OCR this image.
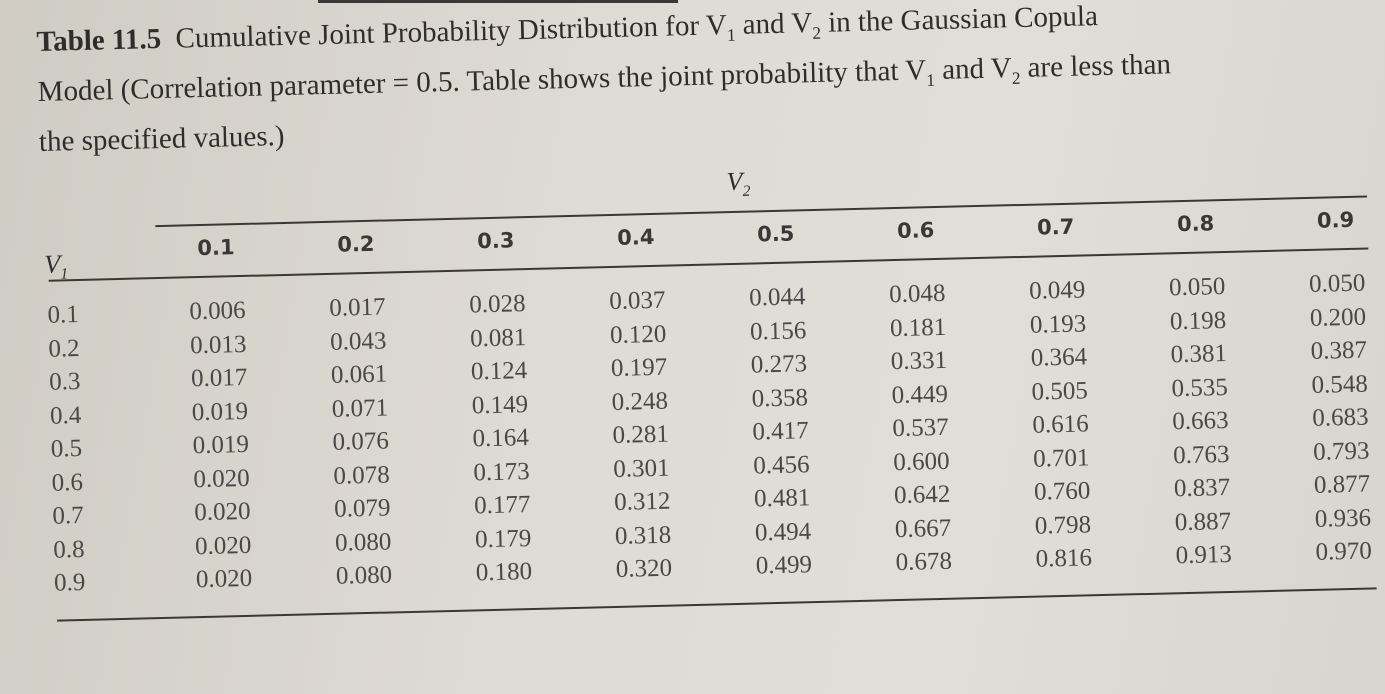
Table 11.5 Cumulative Joint Probability Distribution for $V_1$ and $V_2$ in the Gaussian Copula
Model (Correlation parameter = 0.5. Table shows the joint probability that $V_1$ and $V_2$ are less than
the specified values.)
$V_2$
0.1	0.2	0.3	0.4	0.5	0.6	0.7	0.8	0.9
$V_1$
0.1	0.006	0.017	0.028	0.037	0.044	0.048	0.049	0.050	0.050
0.2	0.013	0.043	0.081	0.120	0.156	0.181	0.193	0.198	0.200
0.3	0.017	0.061	0.124	0.197	0.273	0.331	0.364	0.381	0.387
0.4	0.019	0.071	0.149	0.248	0.358	0.449	0.505	0.535	0.548
0.5	0.019	0.076	0.164	0.281	0.417	0.537	0.616	0.663	0.683
0.6	0.020	0.078	0.173	0.301	0.456	0.600	0.701	0.763	0.793
0.7	0.020	0.079	0.177	0.312	0.481	0.642	0.760	0.837	0.877
0.8	0.020	0.080	0.179	0.318	0.494	0.667	0.798	0.887	0.936
0.9	0.020	0.080	0.180	0.320	0.499	0.678	0.816	0.913	0.970
